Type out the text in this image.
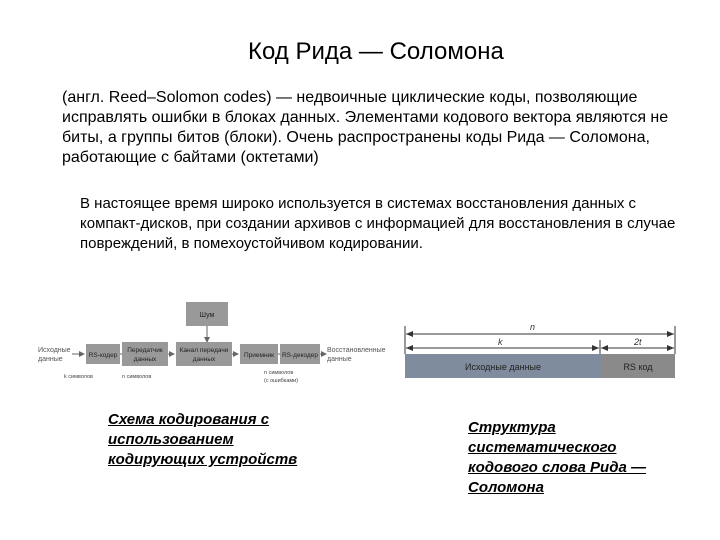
Код Рида — Соломона
(англ. Reed–Solomon codes) — недвоичные циклические коды, позволяющие исправлять ошибки в блоках данных. Элементами кодового вектора являются не биты, а группы битов (блоки). Очень распространены коды Рида — Соломона, работающие с байтами (октетами)
В настоящее время широко используется в системах восстановления данных с компакт-дисков, при создании архивов с информацией для восстановления в случае повреждений, в помехоустойчивом кодировании.
Шум
Исходные
данные
RS-кодер
Передатчик
данных
Канал передачи
данных
Приемник RS-декодер
Восстановленные
данные
k символов	n символов
n символов
(с ошибками)
n
k	2t
Исходные данные	RS код
Схема кодирования с использованием кодирующих устройств
Структура систематического кодового слова Рида — Соломона
